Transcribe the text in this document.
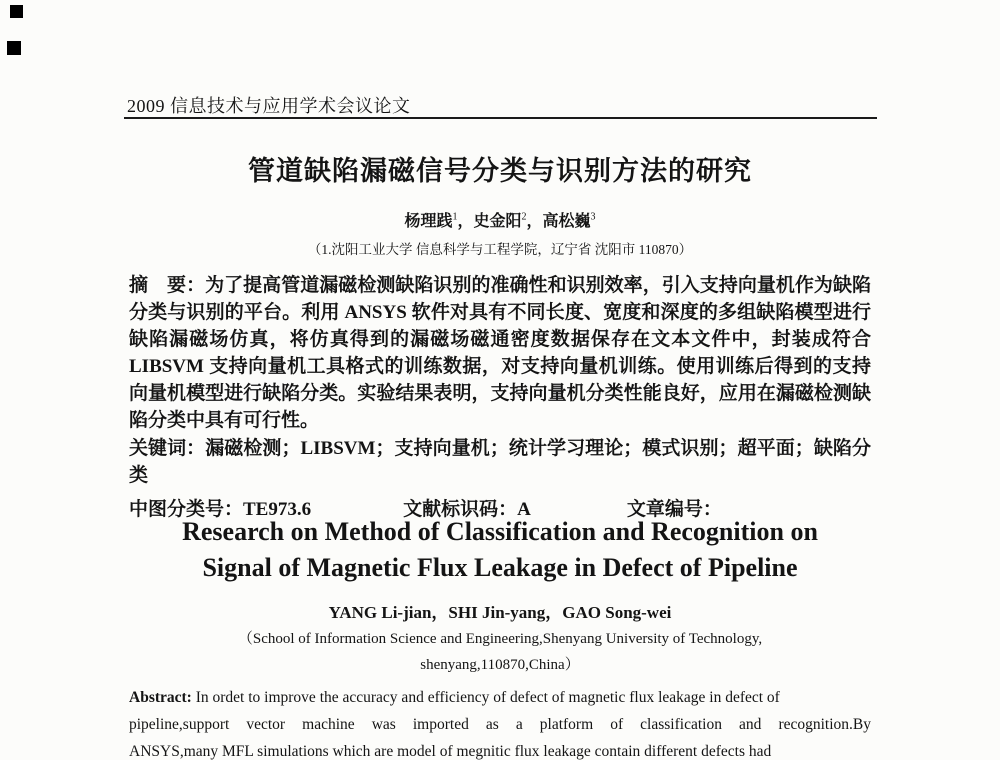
2009 信息技术与应用学术会议论文
管道缺陷漏磁信号分类与识别方法的研究
杨理践$^1$，史金阳$^2$，高松巍$^3$
（1.沈阳工业大学 信息科学与工程学院，辽宁省 沈阳市 110870）

摘　要：为了提高管道漏磁检测缺陷识别的准确性和识别效率，引入支持向量机作为缺陷分类与识别的平台。利用 ANSYS 软件对具有不同长度、宽度和深度的多组缺陷模型进行缺陷漏磁场仿真，将仿真得到的漏磁场磁通密度数据保存在文本文件中，封装成符合 LIBSVM 支持向量机工具格式的训练数据，对支持向量机训练。使用训练后得到的支持向量机模型进行缺陷分类。实验结果表明，支持向量机分类性能良好，应用在漏磁检测缺陷分类中具有可行性。

关键词：漏磁检测；LIBSVM；支持向量机；统计学习理论；模式识别；超平面；缺陷分类

中图分类号：TE973.6	文献标识码：A	文章编号：
Research on Method of Classification and Recognition on
Signal of Magnetic Flux Leakage in Defect of Pipeline
YANG Li-jian，SHI Jin-yang，GAO Song-wei
（School of Information Science and Engineering,Shenyang University of Technology,
shenyang,110870,China）
Abstract: In ordet to improve the accuracy and efficiency of defect of magnetic flux leakage in defect of
pipeline,support vector machine was imported as a platform of classification and recognition.By
ANSYS,many MFL simulations which are model of megnitic flux leakage contain different defects had
